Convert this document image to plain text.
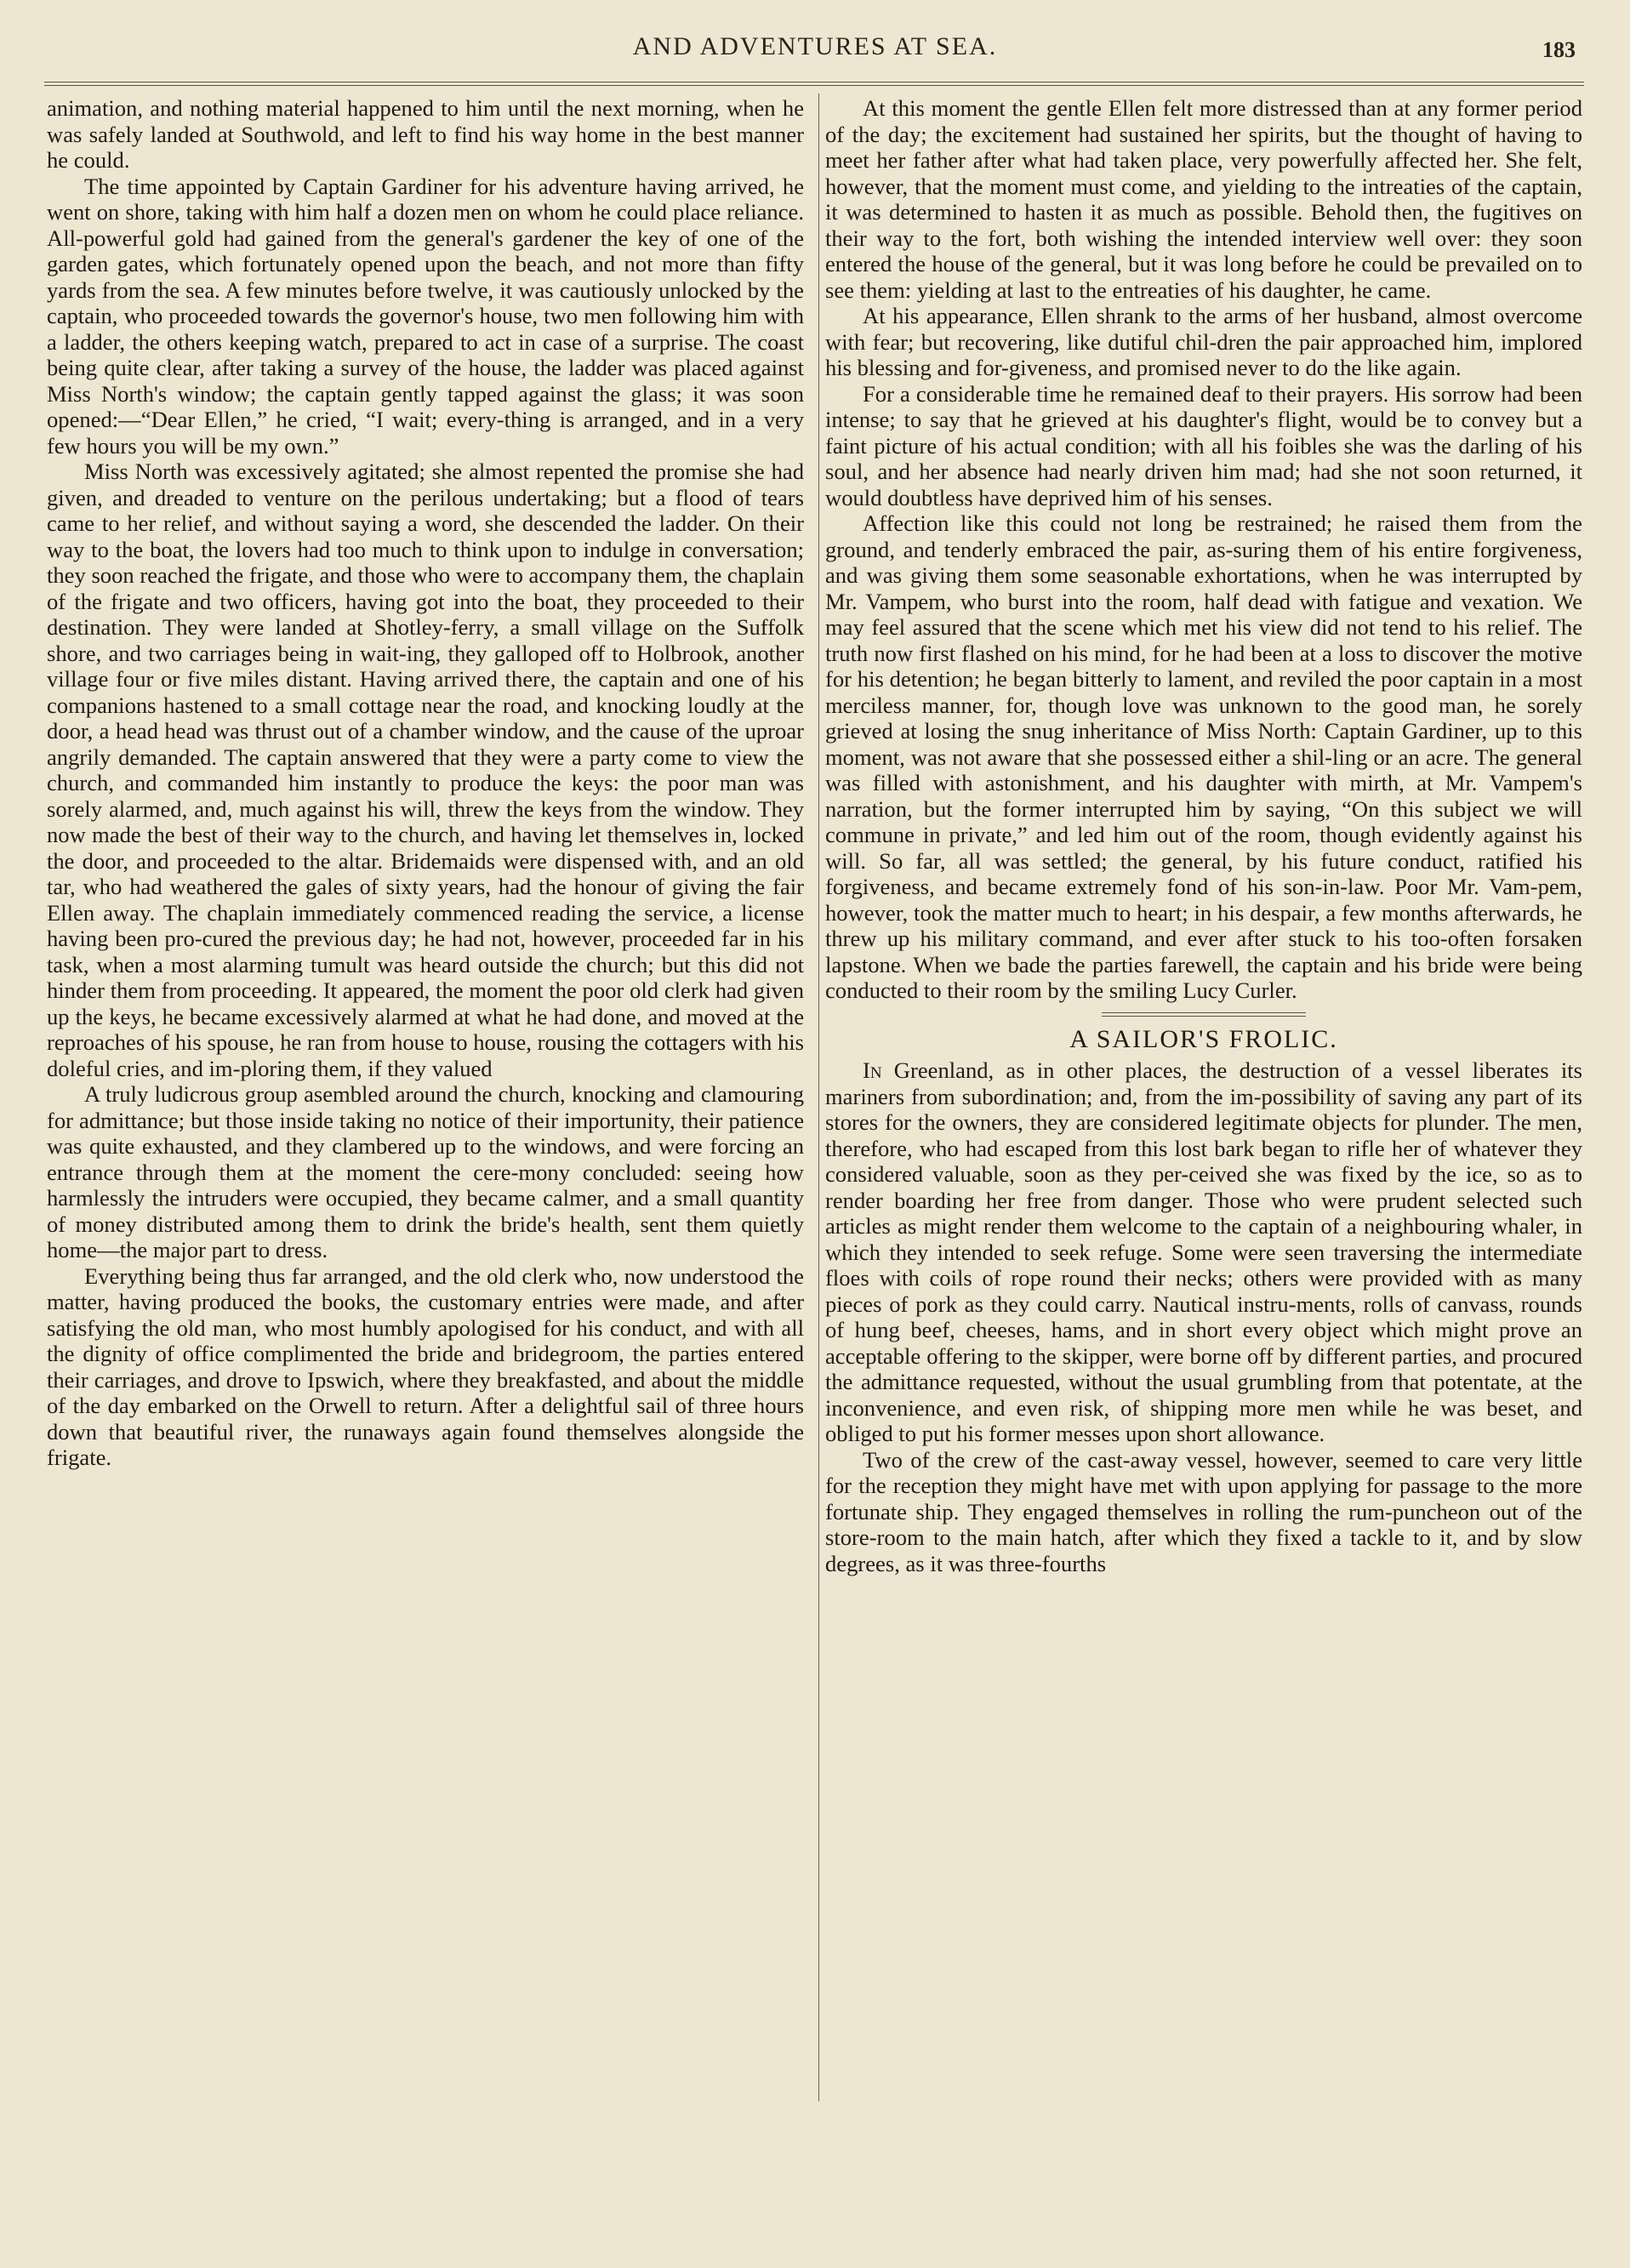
AND ADVENTURES AT SEA.	183

animation, and nothing material happened to him until the next morning, when he was safely landed at Southwold, and left to find his way home in the best manner he could.

The time appointed by Captain Gardiner for his adventure having arrived, he went on shore, taking with him half a dozen men on whom he could place reliance. All-powerful gold had gained from the general's gardener the key of one of the garden gates, which fortunately opened upon the beach, and not more than fifty yards from the sea. A few minutes before twelve, it was cautiously unlocked by the captain, who proceeded towards the governor's house, two men following him with a ladder, the others keeping watch, prepared to act in case of a surprise. The coast being quite clear, after taking a survey of the house, the ladder was placed against Miss North's window; the captain gently tapped against the glass; it was soon opened:—“Dear Ellen,” he cried, “I wait; every-thing is arranged, and in a very few hours you will be my own.”

Miss North was excessively agitated; she almost repented the promise she had given, and dreaded to venture on the perilous undertaking; but a flood of tears came to her relief, and without saying a word, she descended the ladder. On their way to the boat, the lovers had too much to think upon to indulge in conversation; they soon reached the frigate, and those who were to accompany them, the chaplain of the frigate and two officers, having got into the boat, they proceeded to their destination. They were landed at Shotley-ferry, a small village on the Suffolk shore, and two carriages being in wait-ing, they galloped off to Holbrook, another village four or five miles distant. Having arrived there, the captain and one of his companions hastened to a small cottage near the road, and knocking loudly at the door, a head head was thrust out of a chamber window, and the cause of the uproar angrily demanded. The captain answered that they were a party come to view the church, and commanded him instantly to produce the keys: the poor man was sorely alarmed, and, much against his will, threw the keys from the window. They now made the best of their way to the church, and having let themselves in, locked the door, and proceeded to the altar. Bridemaids were dispensed with, and an old tar, who had weathered the gales of sixty years, had the honour of giving the fair Ellen away. The chaplain immediately commenced reading the service, a license having been pro-cured the previous day; he had not, however, proceeded far in his task, when a most alarming tumult was heard outside the church; but this did not hinder them from proceeding. It appeared, the moment the poor old clerk had given up the keys, he became excessively alarmed at what he had done, and moved at the reproaches of his spouse, he ran from house to house, rousing the cottagers with his doleful cries, and im-ploring them, if they valued

A truly ludicrous group asembled around the church, knocking and clamouring for admittance; but those inside taking no notice of their importunity, their patience was quite exhausted, and they clambered up to the windows, and were forcing an entrance through them at the moment the cere-mony concluded: seeing how harmlessly the intruders were occupied, they became calmer, and a small quantity of money distributed among them to drink the bride's health, sent them quietly home—the major part to dress.

Everything being thus far arranged, and the old clerk who, now understood the matter, having produced the books, the customary entries were made, and after satisfying the old man, who most humbly apologised for his conduct, and with all the dignity of office complimented the bride and bridegroom, the parties entered their carriages, and drove to Ipswich, where they breakfasted, and about the middle of the day embarked on the Orwell to return. After a delightful sail of three hours down that beautiful river, the runaways again found themselves alongside the frigate.

At this moment the gentle Ellen felt more distressed than at any former period of the day; the excitement had sustained her spirits, but the thought of having to meet her father after what had taken place, very powerfully affected her. She felt, however, that the moment must come, and yielding to the intreaties of the captain, it was determined to hasten it as much as possible. Behold then, the fugitives on their way to the fort, both wishing the intended interview well over: they soon entered the house of the general, but it was long before he could be prevailed on to see them: yielding at last to the entreaties of his daughter, he came.

At his appearance, Ellen shrank to the arms of her husband, almost overcome with fear; but recovering, like dutiful chil-dren the pair approached him, implored his blessing and for-giveness, and promised never to do the like again.

For a considerable time he remained deaf to their prayers. His sorrow had been intense; to say that he grieved at his daughter's flight, would be to convey but a faint picture of his actual condition; with all his foibles she was the darling of his soul, and her absence had nearly driven him mad; had she not soon returned, it would doubtless have deprived him of his senses.

Affection like this could not long be restrained; he raised them from the ground, and tenderly embraced the pair, as-suring them of his entire forgiveness, and was giving them some seasonable exhortations, when he was interrupted by Mr. Vampem, who burst into the room, half dead with fatigue and vexation. We may feel assured that the scene which met his view did not tend to his relief. The truth now first flashed on his mind, for he had been at a loss to discover the motive for his detention; he began bitterly to lament, and reviled the poor captain in a most merciless manner, for, though love was unknown to the good man, he sorely grieved at losing the snug inheritance of Miss North: Captain Gardiner, up to this moment, was not aware that she possessed either a shil-ling or an acre. The general was filled with astonishment, and his daughter with mirth, at Mr. Vampem's narration, but the former interrupted him by saying, “On this subject we will commune in private,” and led him out of the room, though evidently against his will. So far, all was settled; the general, by his future conduct, ratified his forgiveness, and became extremely fond of his son-in-law. Poor Mr. Vam-pem, however, took the matter much to heart; in his despair, a few months afterwards, he threw up his military command, and ever after stuck to his too-often forsaken lapstone. When we bade the parties farewell, the captain and his bride were being conducted to their room by the smiling Lucy Curler.

A SAILOR'S FROLIC.

In Greenland, as in other places, the destruction of a vessel liberates its mariners from subordination; and, from the im-possibility of saving any part of its stores for the owners, they are considered legitimate objects for plunder. The men, therefore, who had escaped from this lost bark began to rifle her of whatever they considered valuable, soon as they per-ceived she was fixed by the ice, so as to render boarding her free from danger. Those who were prudent selected such articles as might render them welcome to the captain of a neighbouring whaler, in which they intended to seek refuge. Some were seen traversing the intermediate floes with coils of rope round their necks; others were provided with as many pieces of pork as they could carry. Nautical instru-ments, rolls of canvass, rounds of hung beef, cheeses, hams, and in short every object which might prove an acceptable offering to the skipper, were borne off by different parties, and procured the admittance requested, without the usual grumbling from that potentate, at the inconvenience, and even risk, of shipping more men while he was beset, and obliged to put his former messes upon short allowance.

Two of the crew of the cast-away vessel, however, seemed to care very little for the reception they might have met with upon applying for passage to the more fortunate ship. They engaged themselves in rolling the rum-puncheon out of the store-room to the main hatch, after which they fixed a tackle to it, and by slow degrees, as it was three-fourths
